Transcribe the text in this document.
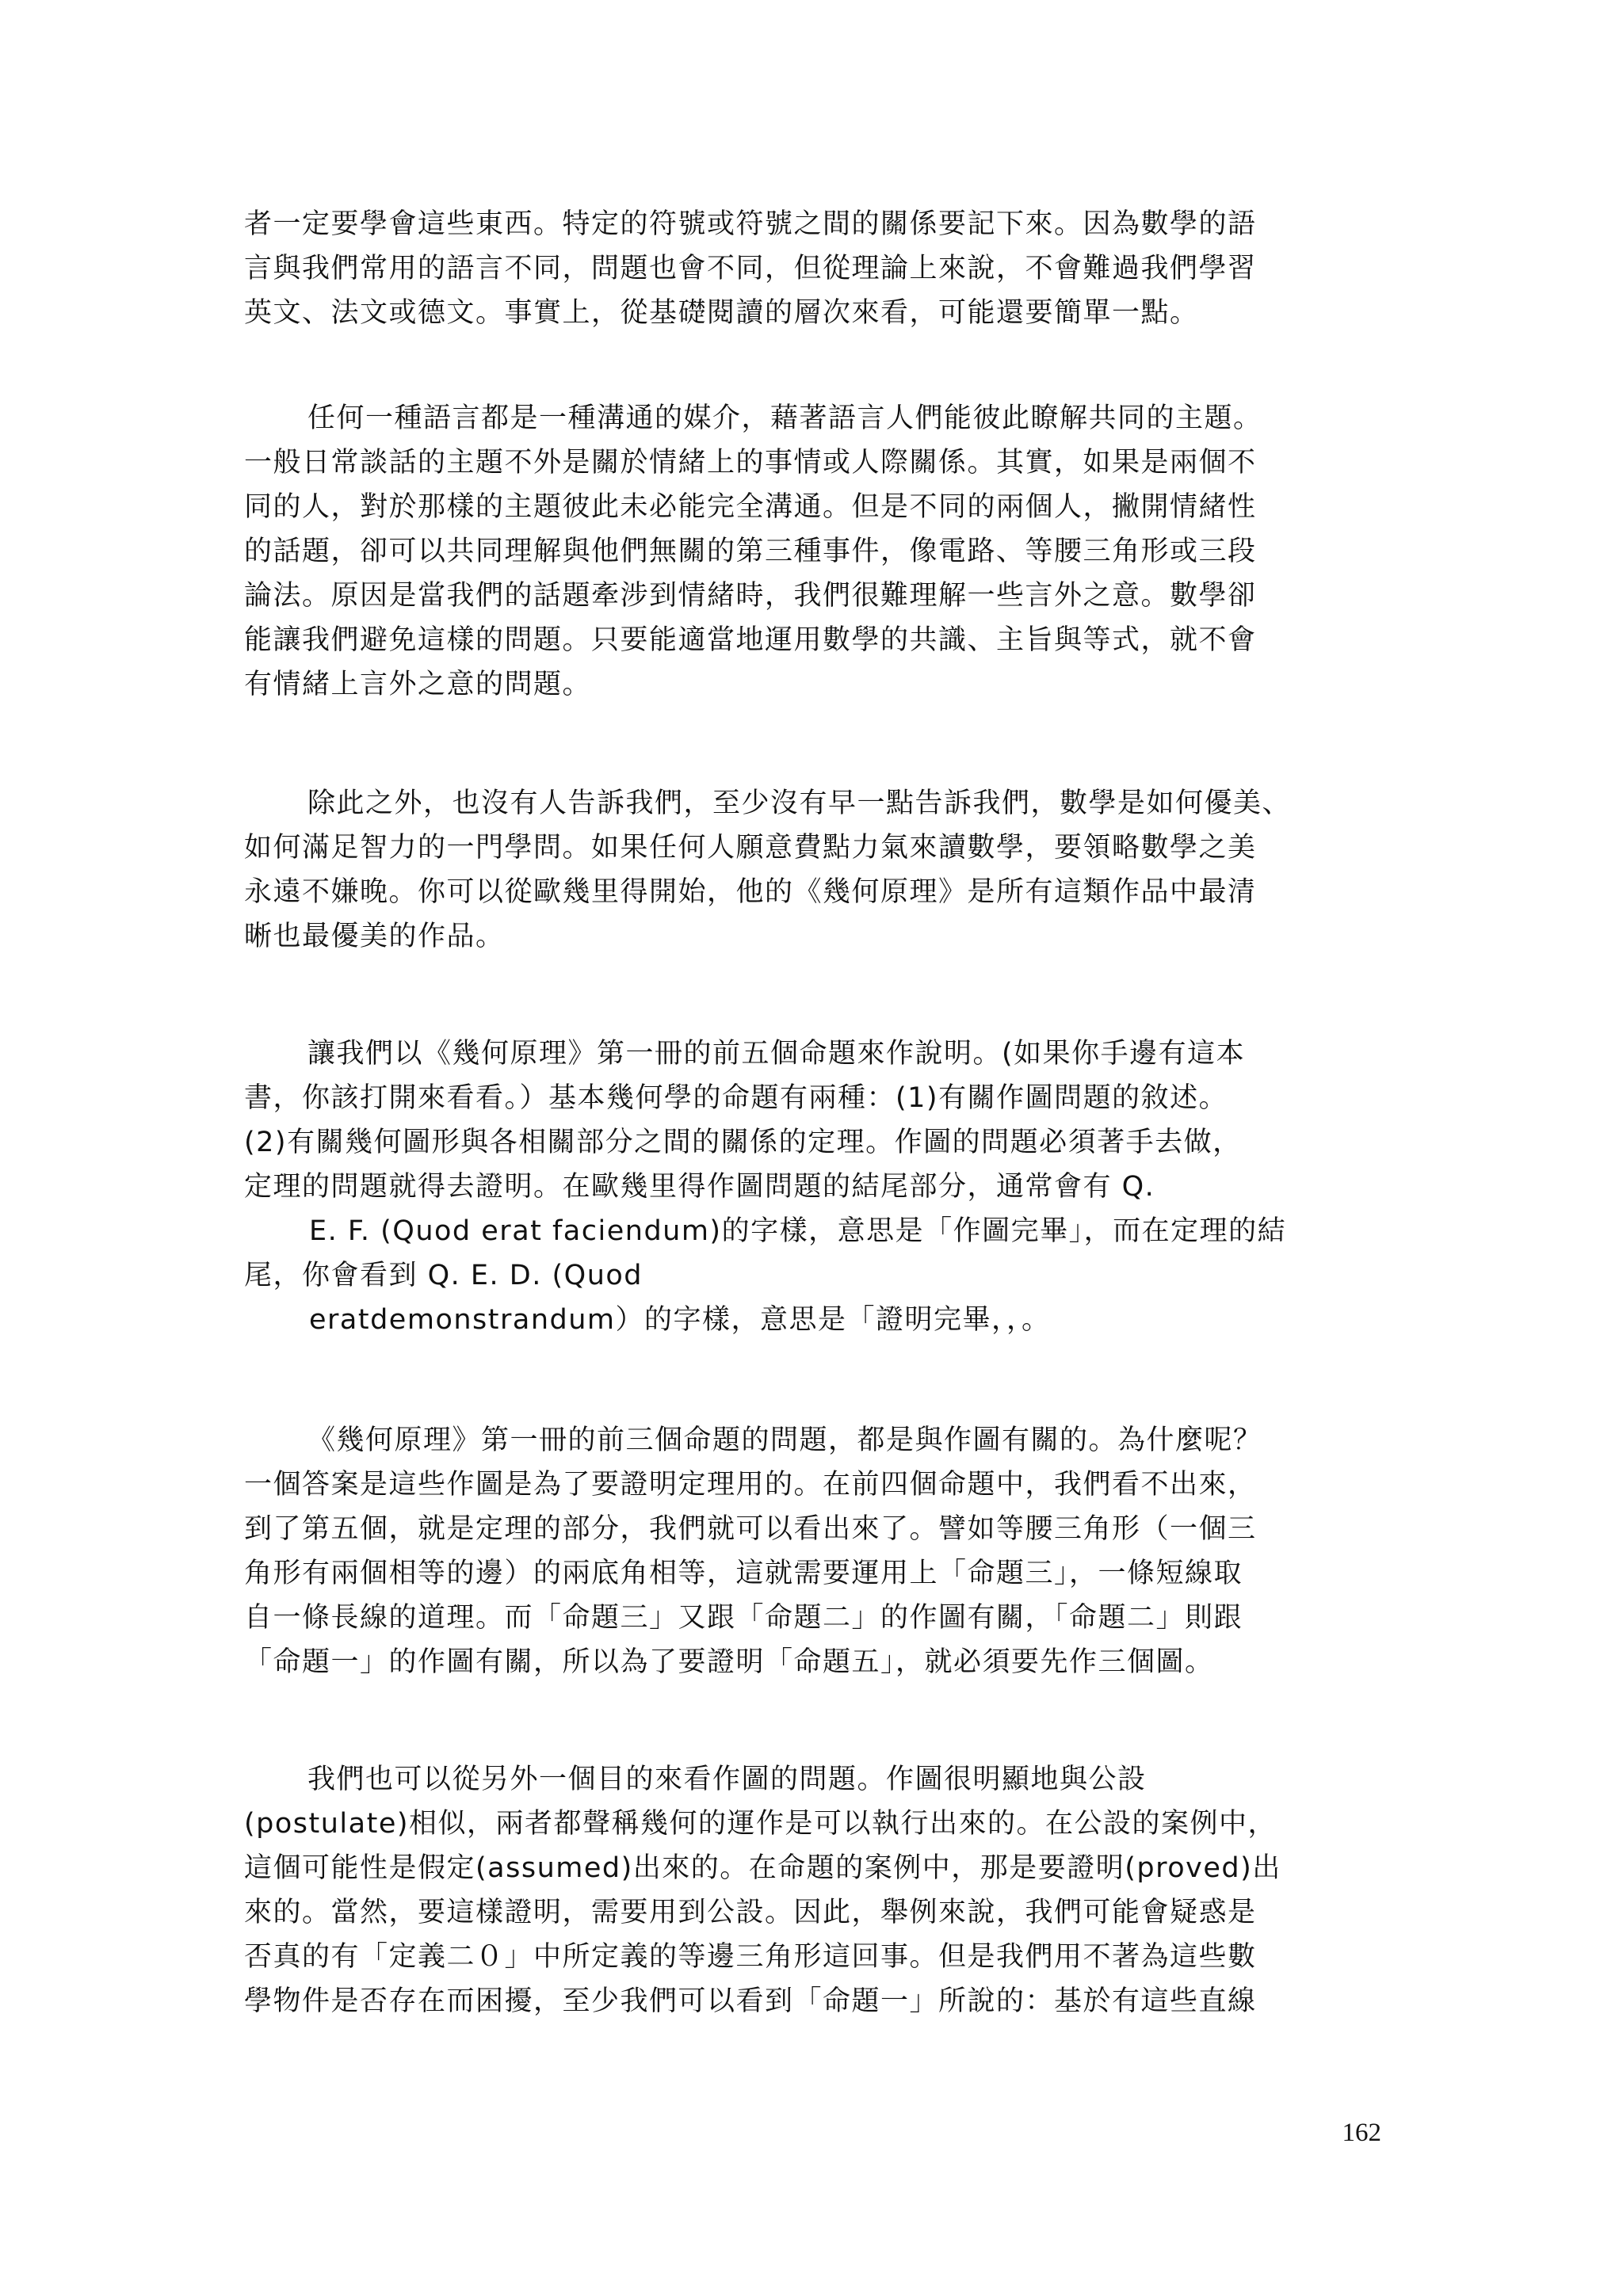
者一定要學會這些東西。特定的符號或符號之間的關係要記下來。因為數學的語
言與我們常用的語言不同，問題也會不同，但從理論上來說，不會難過我們學習
英文、法文或德文。事實上，從基礎閱讀的層次來看，可能還要簡單一點。
任何一種語言都是一種溝通的媒介，藉著語言人們能彼此瞭解共同的主題。
一般日常談話的主題不外是關於情緒上的事情或人際關係。其實，如果是兩個不
同的人，對於那樣的主題彼此未必能完全溝通。但是不同的兩個人，撇開情緒性
的話題，卻可以共同理解與他們無關的第三種事件，像電路、等腰三角形或三段
論法。原因是當我們的話題牽涉到情緒時，我們很難理解一些言外之意。數學卻
能讓我們避免這樣的問題。只要能適當地運用數學的共識、主旨與等式，就不會
有情緒上言外之意的問題。
除此之外，也沒有人告訴我們，至少沒有早一點告訴我們，數學是如何優美、
如何滿足智力的一門學問。如果任何人願意費點力氣來讀數學，要領略數學之美
永遠不嫌晚。你可以從歐幾里得開始，他的《幾何原理》是所有這類作品中最清
晰也最優美的作品。
讓我們以《幾何原理》第一冊的前五個命題來作說明。(如果你手邊有這本
書，你該打開來看看。）基本幾何學的命題有兩種：(1)有關作圖問題的敘述。
(2)有關幾何圖形與各相關部分之間的關係的定理。作圖的問題必須著手去做，
定理的問題就得去證明。在歐幾里得作圖問題的結尾部分，通常會有 Q.
E. F. (Quod erat faciendum)的字樣，意思是「作圖完畢」，而在定理的結
尾，你會看到 Q. E. D. (Quod
eratdemonstrandum）的字樣，意思是「證明完畢，，。
《幾何原理》第一冊的前三個命題的問題，都是與作圖有關的。為什麼呢？
一個答案是這些作圖是為了要證明定理用的。在前四個命題中，我們看不出來，
到了第五個，就是定理的部分，我們就可以看出來了。譬如等腰三角形（一個三
角形有兩個相等的邊）的兩底角相等，這就需要運用上「命題三」，一條短線取
自一條長線的道理。而「命題三」又跟「命題二」的作圖有關，「命題二」則跟
「命題一」的作圖有關，所以為了要證明「命題五」，就必須要先作三個圖。
我們也可以從另外一個目的來看作圖的問題。作圖很明顯地與公設
(postulate)相似，兩者都聲稱幾何的運作是可以執行出來的。在公設的案例中，
這個可能性是假定(assumed)出來的。在命題的案例中，那是要證明(proved)出
來的。當然，要這樣證明，需要用到公設。因此，舉例來說，我們可能會疑惑是
否真的有「定義二０」中所定義的等邊三角形這回事。但是我們用不著為這些數
學物件是否存在而困擾，至少我們可以看到「命題一」所說的：基於有這些直線
162
